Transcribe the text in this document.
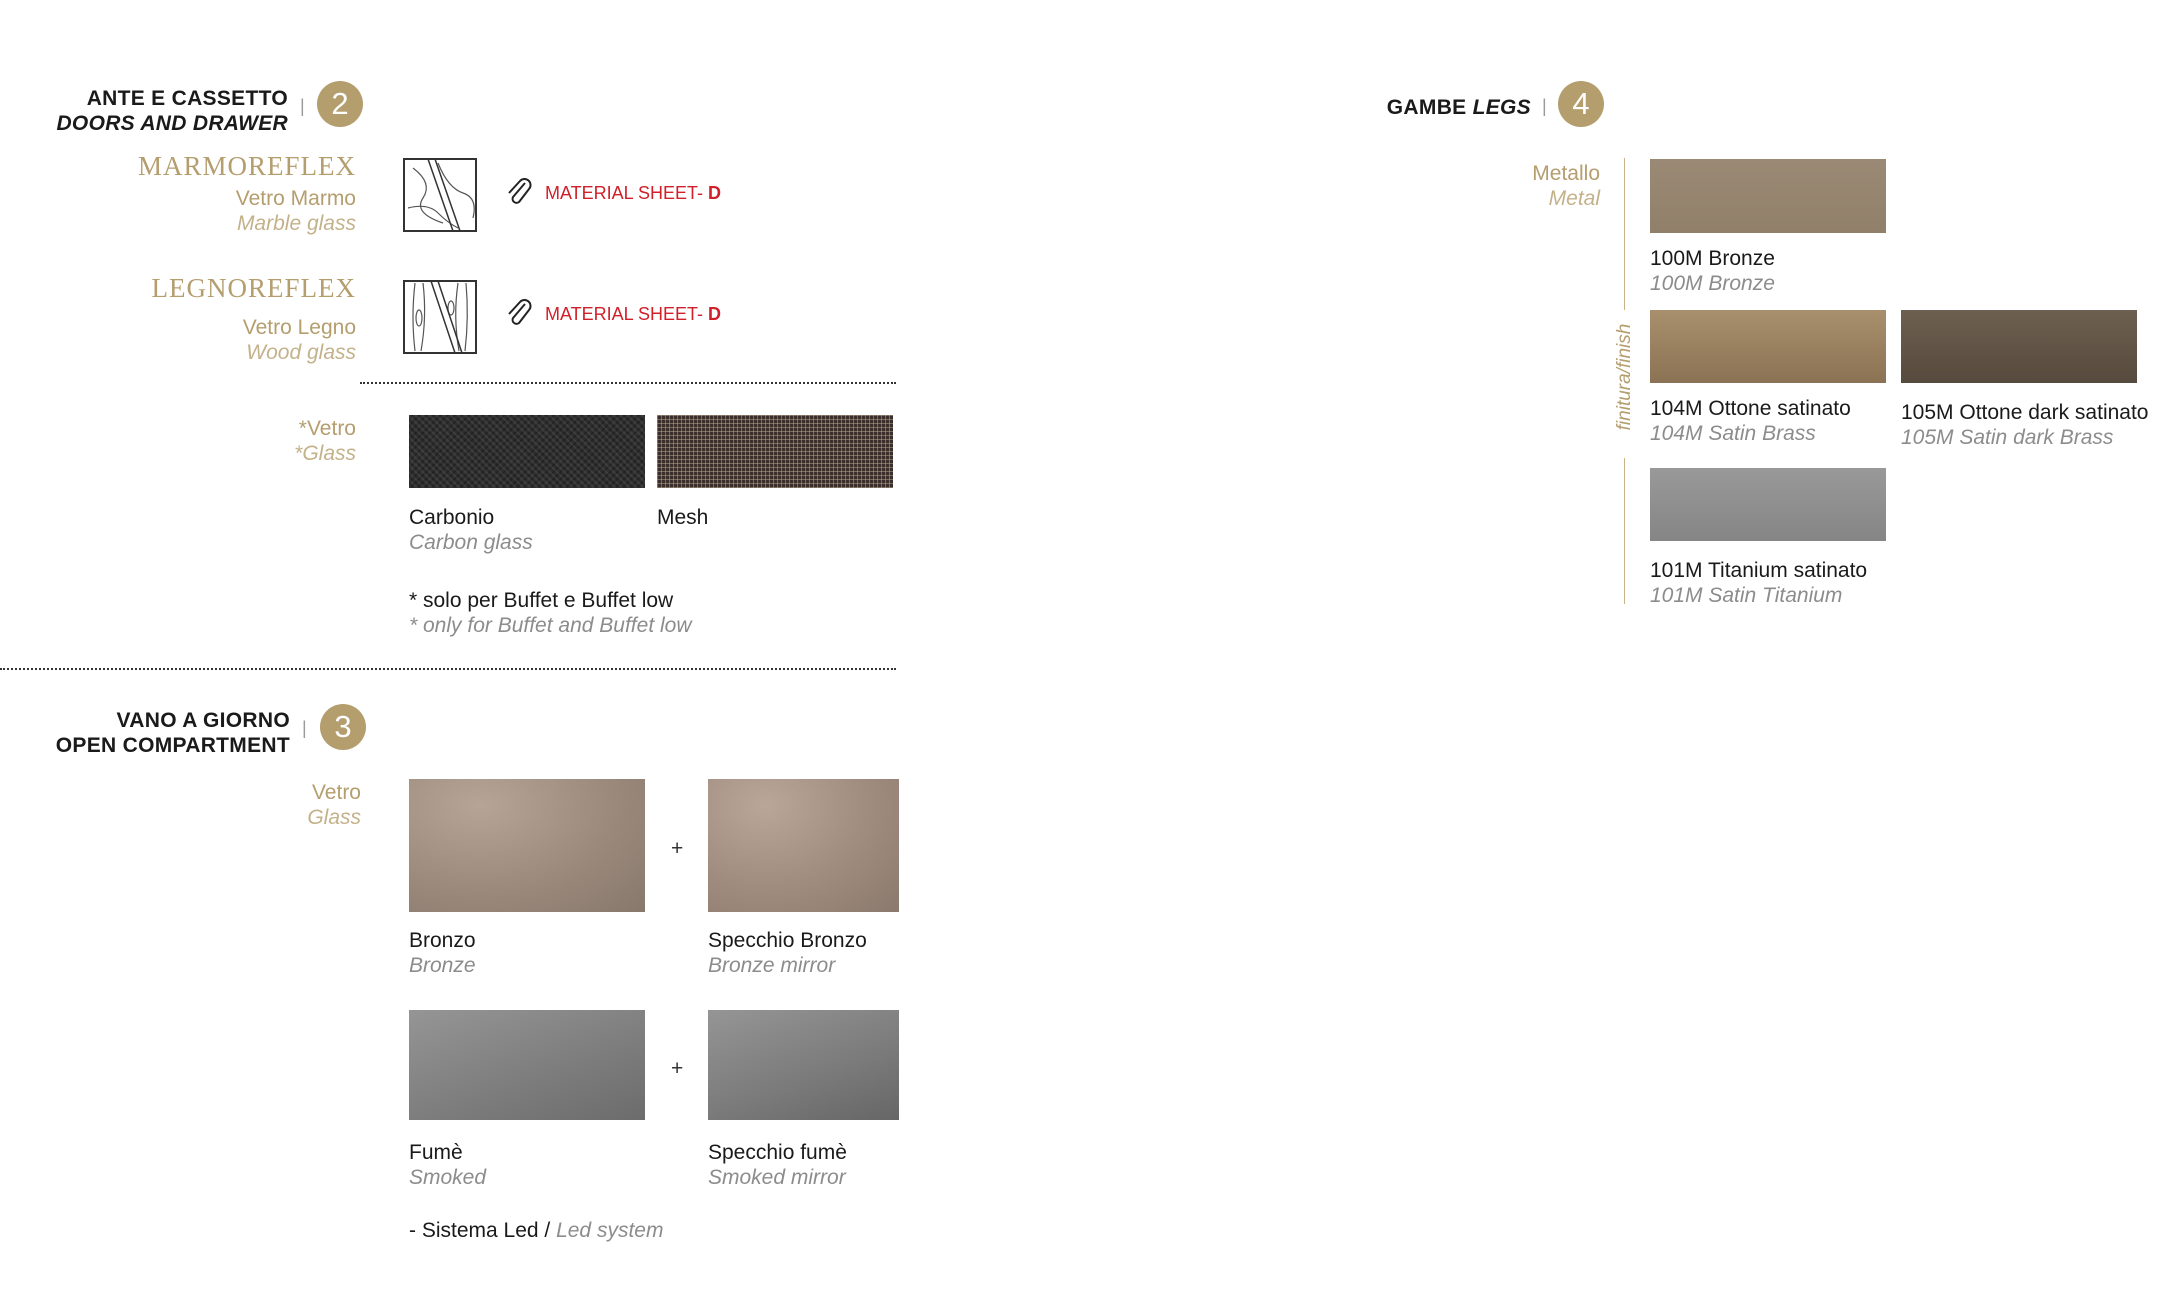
ANTE E CASSETTO
DOORS AND DRAWER
| 2
MARMOREFLEX
Vetro Marmo
Marble glass
MATERIAL SHEET- D
LEGNOREFLEX
Vetro Legno
Wood glass
MATERIAL SHEET- D
*Vetro
*Glass
Carbonio
Carbon glass
Mesh
* solo per Buffet e Buffet low
* only for Buffet and Buffet low
VANO A GIORNO
OPEN COMPARTMENT
| 3
Vetro
Glass
+
Bronzo
Bronze
Specchio Bronzo
Bronze mirror
+
Fumè
Smoked
Specchio fumè
Smoked mirror
- Sistema Led / Led system
GAMBE LEGS | 4
Metallo
Metal
finitura/finish
100M Bronze
100M Bronze
104M Ottone satinato
104M Satin Brass
105M Ottone dark satinato
105M Satin dark Brass
101M Titanium satinato
101M Satin Titanium
